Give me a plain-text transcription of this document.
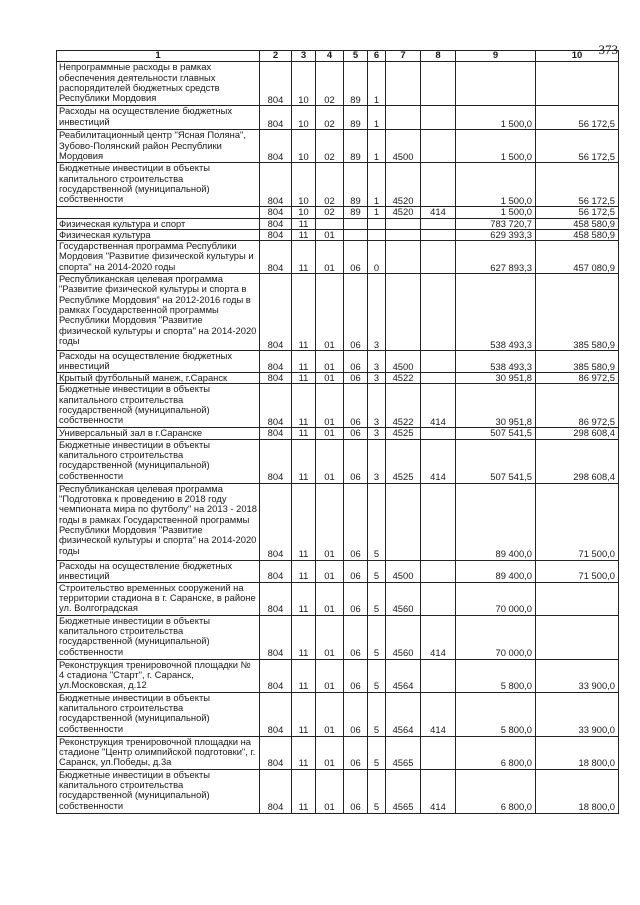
373
1	2	3	4	5	6	7	8	9	10
Непрограммные расходы в рамках обеспечения деятельности главных распорядителей бюджетных средств Республики Мордовия	804	10	02	89	1				
Расходы на осуществление бюджетных инвестиций	804	10	02	89	1			1 500,0	56 172,5
Реабилитационный центр "Ясная Поляна", Зубово-Полянский район Республики Мордовия	804	10	02	89	1	4500		1 500,0	56 172,5
Бюджетные инвестиции в объекты капитального строительства государственной (муниципальной) собственности	804	10	02	89	1	4520		1 500,0	56 172,5
	804	10	02	89	1	4520	414	1 500,0	56 172,5
Физическая культура и спорт	804	11						783 720,7	458 580,9
Физическая культура	804	11	01					629 393,3	458 580,9
Государственная программа Республики Мордовия "Развитие физической культуры и спорта" на 2014-2020 годы	804	11	01	06	0			627 893,3	457 080,9
Республиканская целевая программа "Развитие физической культуры и спорта в Республике Мордовия" на 2012-2016 годы в рамках Государственной программы Республики Мордовия "Развитие физической культуры и спорта" на 2014-2020 годы	804	11	01	06	3			538 493,3	385 580,9
Расходы на осуществление бюджетных инвестиций	804	11	01	06	3	4500		538 493,3	385 580,9
Крытый футбольный манеж, г.Саранск	804	11	01	06	3	4522		30 951,8	86 972,5
Бюджетные инвестиции в объекты капитального строительства государственной (муниципальной) собственности	804	11	01	06	3	4522	414	30 951,8	86 972,5
Универсальный зал в г.Саранске	804	11	01	06	3	4525		507 541,5	298 608,4
Бюджетные инвестиции в объекты капитального строительства государственной (муниципальной) собственности	804	11	01	06	3	4525	414	507 541,5	298 608,4
Республиканская целевая программа "Подготовка к проведению в 2018 году чемпионата мира по футболу" на 2013 - 2018 годы в рамках Государственной программы Республики Мордовия "Развитие физической культуры и спорта" на 2014-2020 годы	804	11	01	06	5			89 400,0	71 500,0
Расходы на осуществление бюджетных инвестиций	804	11	01	06	5	4500		89 400,0	71 500,0
Строительство временных сооружений на территории стадиона в г. Саранске, в районе ул. Волгоградская	804	11	01	06	5	4560		70 000,0	
Бюджетные инвестиции в объекты капитального строительства государственной (муниципальной) собственности	804	11	01	06	5	4560	414	70 000,0	
Реконструкция тренировочной площадки № 4 стадиона "Старт", г. Саранск, ул.Московская, д.12	804	11	01	06	5	4564		5 800,0	33 900,0
Бюджетные инвестиции в объекты капитального строительства государственной (муниципальной) собственности	804	11	01	06	5	4564	414	5 800,0	33 900,0
Реконструкция тренировочной площадки на стадионе "Центр олимпийской подготовки", г. Саранск, ул.Победы, д.3а	804	11	01	06	5	4565		6 800,0	18 800,0
Бюджетные инвестиции в объекты капитального строительства государственной (муниципальной) собственности	804	11	01	06	5	4565	414	6 800,0	18 800,0
